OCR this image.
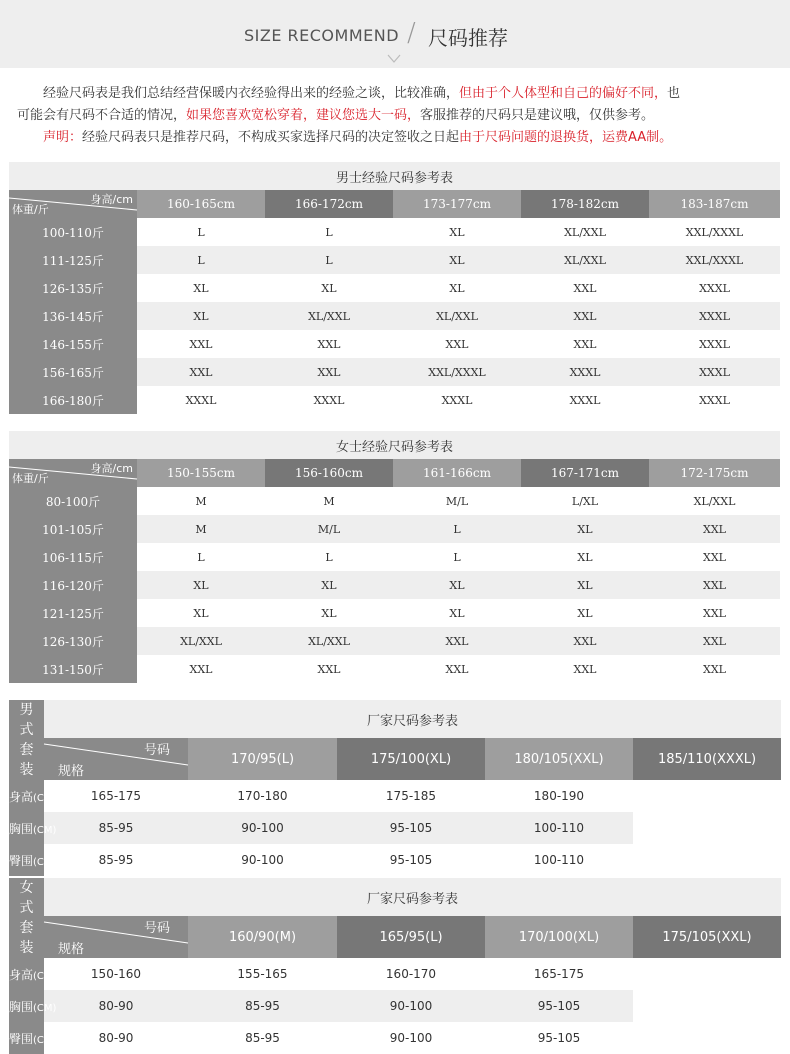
SIZE RECOMMEND / 尺码推荐

经验尺码表是我们总结经营保暖内衣经验得出来的经验之谈，比较准确，但由于个人体型和自己的偏好不同，也

可能会有尺码不合适的情况，如果您喜欢宽松穿着，建议您选大一码，客服推荐的尺码只是建议哦，仅供参考。

声明：经验尺码表只是推荐尺码，不构成买家选择尺码的决定签收之日起由于尺码问题的退换货，运费AA制。

男士经验尺码参考表					

身高/cm
体重/斤	160-165cm	166-172cm	173-177cm	178-182cm	183-187cm
100-110斤	L	L	XL	XL/XXL	XXL/XXXL
111-125斤	L	L	XL	XL/XXL	XXL/XXXL
126-135斤	XL	XL	XL	XXL	XXXL
136-145斤	XL	XL/XXL	XL/XXL	XXL	XXXL
146-155斤	XXL	XXL	XXL	XXL	XXXL
156-165斤	XXL	XXL	XXL/XXXL	XXXL	XXXL
166-180斤	XXXL	XXXL	XXXL	XXXL	XXXL
女士经验尺码参考表					

身高/cm
体重/斤	150-155cm	156-160cm	161-166cm	167-171cm	172-175cm
80-100斤	M	M	M/L	L/XL	XL/XXL
101-105斤	M	M/L	L	XL	XXL
106-115斤	L	L	L	XL	XXL
116-120斤	XL	XL	XL	XL	XXL
121-125斤	XL	XL	XL	XL	XXL
126-130斤	XL/XXL	XL/XXL	XXL	XXL	XXL
131-150斤	XXL	XXL	XXL	XXL	XXL
男
式
套
装	厂家尺码参考表				

	号码
规格	170/95(L)	175/100(XL)	180/105(XXL)	185/110(XXXL)
身高(CM)	165-175	170-180	175-185	180-190	
胸围(CM)	85-95	90-100	95-105	100-110	
臀围(CM)	85-95	90-100	95-105	100-110	
女
式
套
装	厂家尺码参考表				

	号码
规格	160/90(M)	165/95(L)	170/100(XL)	175/105(XXL)
身高(CM)	150-160	155-165	160-170	165-175	
胸围(CM)	80-90	85-95	90-100	95-105	
臀围(CM)	80-90	85-95	90-100	95-105	
